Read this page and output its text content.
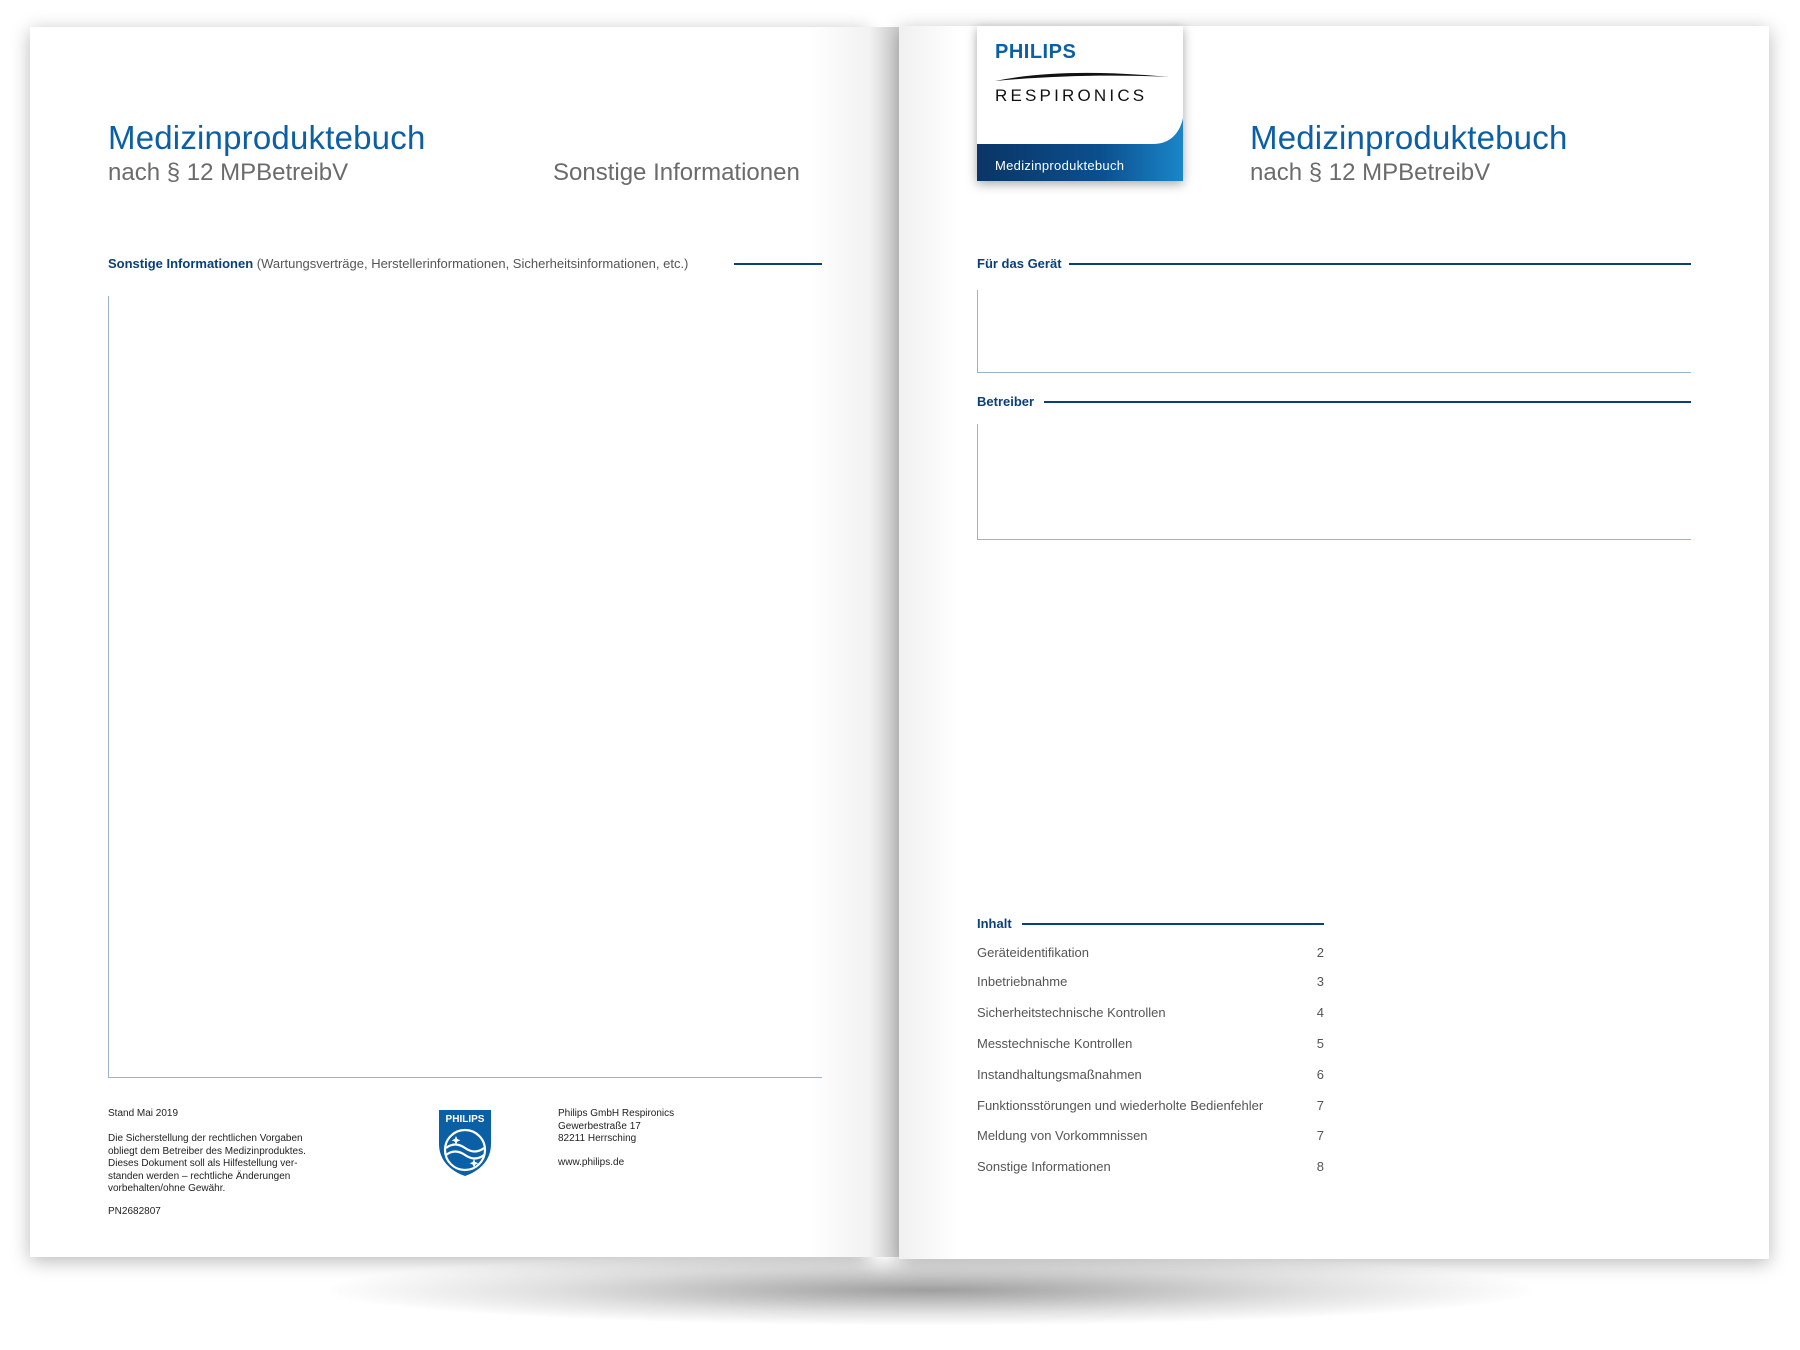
Medizinproduktebuch
nach § 12 MPBetreibV	Sonstige Informationen
Sonstige Informationen (Wartungsverträge, Herstellerinformationen, Sicherheitsinformationen, etc.)
Stand Mai 2019
Die Sicherstellung der rechtlichen Vorgaben
obliegt dem Betreiber des Medizinproduktes.
Dieses Dokument soll als Hilfestellung ver-
standen werden – rechtliche Änderungen
vorbehalten/ohne Gewähr.
PN2682807
PHILIPS
Philips GmbH Respironics
Gewerbestraße 17
82211 Herrsching
www.philips.de
PHILIPS
RESPIRONICS
Medizinproduktebuch
Medizinproduktebuch
nach § 12 MPBetreibV
Für das Gerät
Betreiber
Inhalt
Geräteidentifikation	2
Inbetriebnahme	3
Sicherheitstechnische Kontrollen	4
Messtechnische Kontrollen	5
Instandhaltungsmaßnahmen	6
Funktionsstörungen und wiederholte Bedienfehler	7
Meldung von Vorkommnissen	7
Sonstige Informationen	8
